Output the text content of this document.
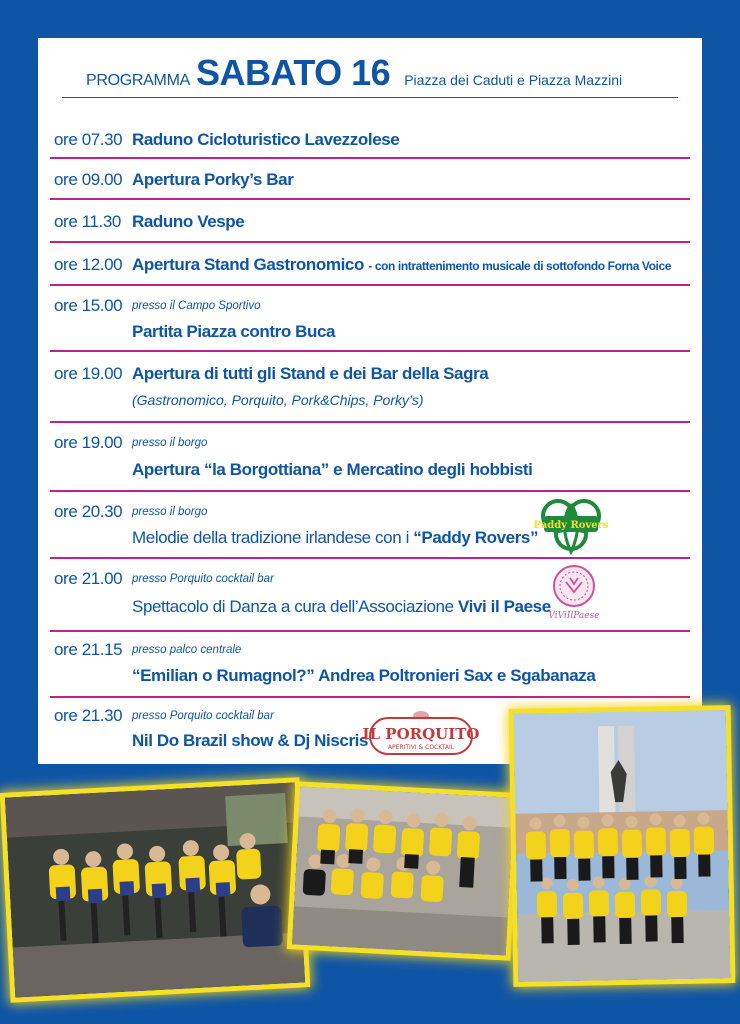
PROGRAMMA SABATO 16 Piazza dei Caduti e Piazza Mazzini
ore 07.30 Raduno Cicloturistico Lavezzolese
ore 09.00 Apertura Porky’s Bar
ore 11.30 Raduno Vespe
ore 12.00 Apertura Stand Gastronomico - con intrattenimento musicale di sottofondo Forna Voice
ore 15.00 presso il Campo Sportivo
Partita Piazza contro Buca
ore 19.00 Apertura di tutti gli Stand e dei Bar della Sagra
(Gastronomico, Porquito, Pork&Chips, Porky’s)
ore 19.00 presso il borgo
Apertura “la Borgottiana” e Mercatino degli hobbisti
ore 20.30 presso il borgo
Melodie della tradizione irlandese con i “Paddy Rovers”
ore 21.00 presso Porquito cocktail bar
Spettacolo di Danza a cura dell’Associazione Vivi il Paese
ore 21.15 presso palco centrale
“Emilian o Rumagnol?” Andrea Poltronieri Sax e Sgabanaza
ore 21.30 presso Porquito cocktail bar
Nil Do Brazil show & Dj Niscris
Paddy Rovers
ViViIlPaese
IL PORQUITO
APERITIVI & COCKTAIL
